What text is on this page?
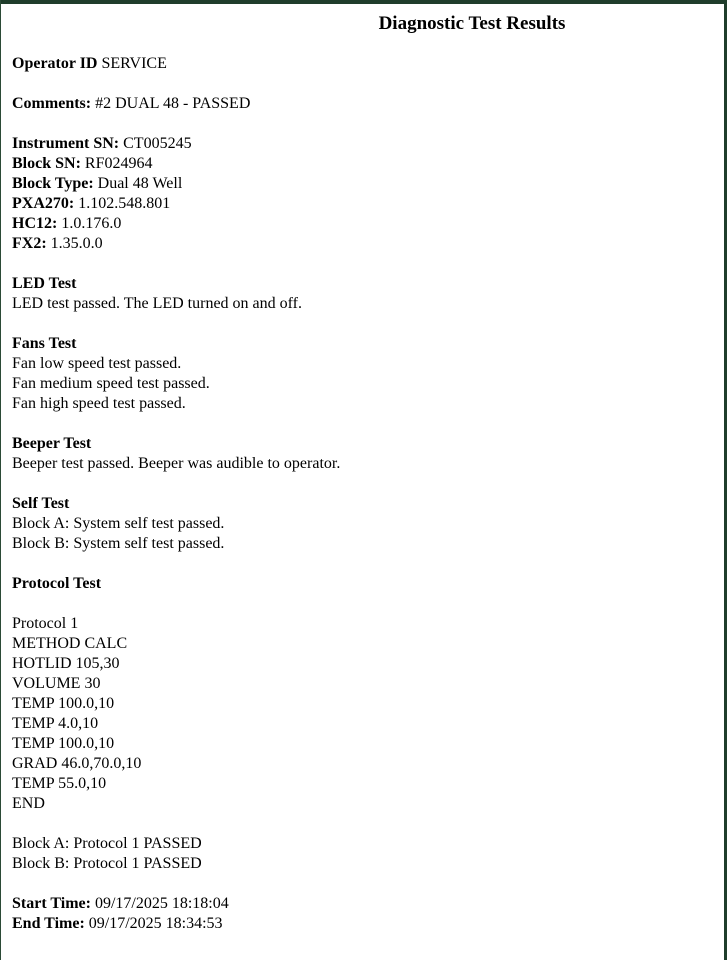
Diagnostic Test Results
Operator ID SERVICE
Comments: #2 DUAL 48 - PASSED
Instrument SN: CT005245
Block SN: RF024964
Block Type: Dual 48 Well
PXA270: 1.102.548.801
HC12: 1.0.176.0
FX2: 1.35.0.0
LED Test
LED test passed. The LED turned on and off.
Fans Test
Fan low speed test passed.
Fan medium speed test passed.
Fan high speed test passed.
Beeper Test
Beeper test passed. Beeper was audible to operator.
Self Test
Block A: System self test passed.
Block B: System self test passed.
Protocol Test
Protocol 1
METHOD CALC
HOTLID 105,30
VOLUME 30
TEMP 100.0,10
TEMP 4.0,10
TEMP 100.0,10
GRAD 46.0,70.0,10
TEMP 55.0,10
END
Block A: Protocol 1 PASSED
Block B: Protocol 1 PASSED
Start Time: 09/17/2025 18:18:04
End Time: 09/17/2025 18:34:53
